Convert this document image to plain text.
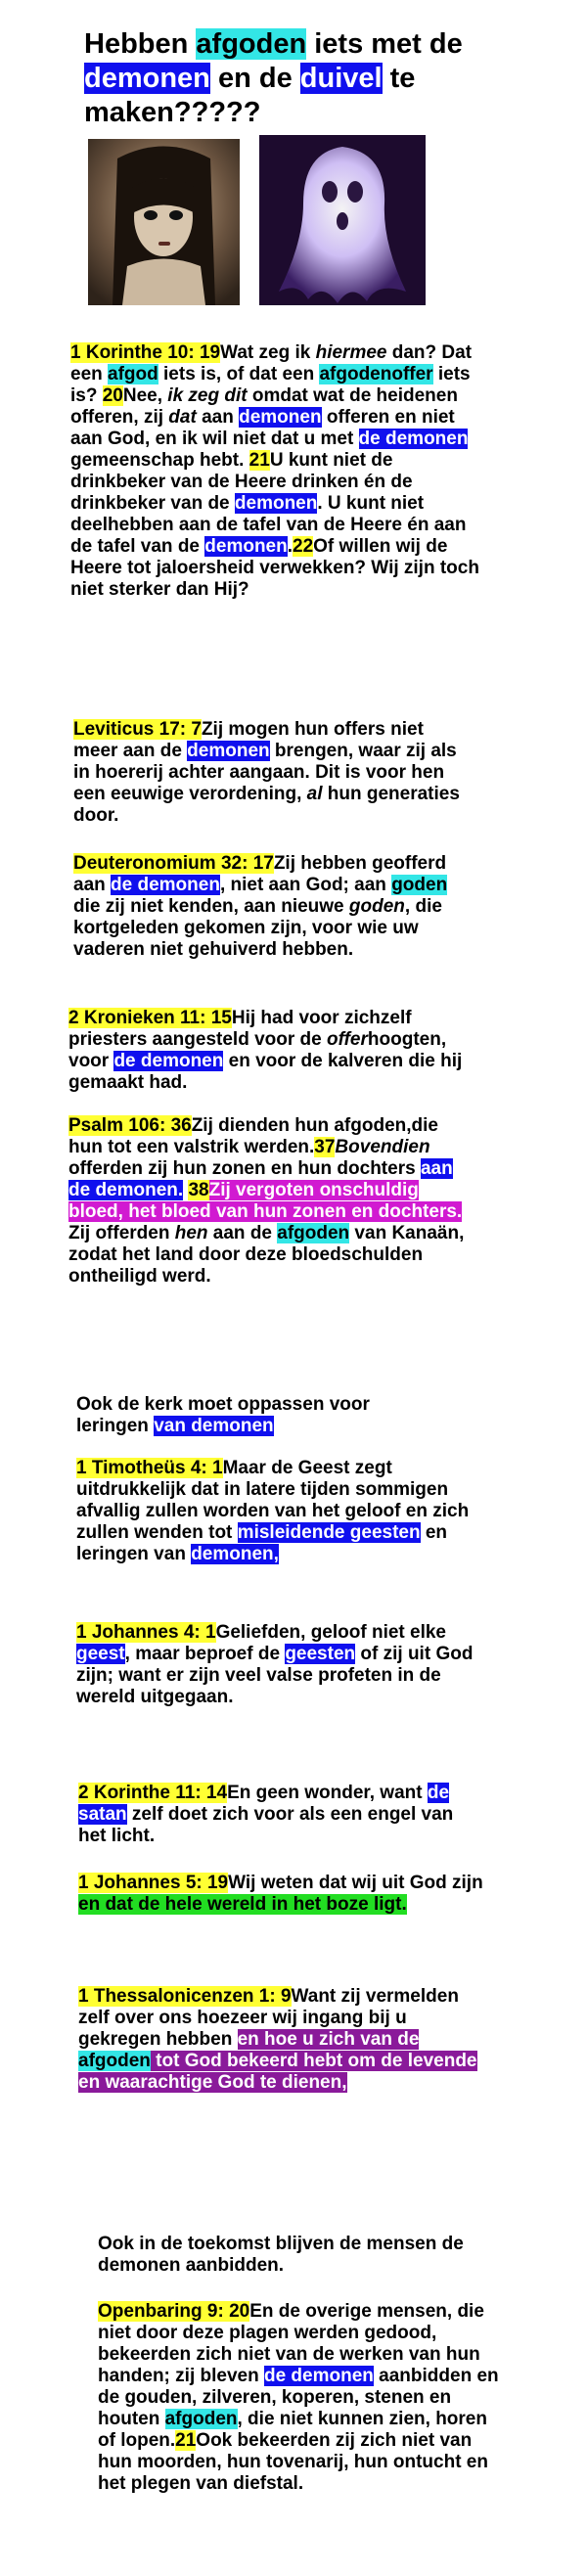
Hebben afgoden iets met de demonen en de duivel te maken?????

1 Korinthe 10: 19Wat zeg ik hiermee dan? Dat een afgod iets is, of dat een afgodenoffer iets is? 20Nee, ik zeg dit omdat wat de heidenen offeren, zij dat aan demonen offeren en niet aan God, en ik wil niet dat u met de demonen gemeenschap hebt. 21U kunt niet de drinkbeker van de Heere drinken én de drinkbeker van de demonen. U kunt niet deelhebben aan de tafel van de Heere én aan de tafel van de demonen.22Of willen wij de Heere tot jaloersheid verwekken? Wij zijn toch niet sterker dan Hij?

Leviticus 17: 7Zij mogen hun offers niet meer aan de demonen brengen, waar zij als in hoererij achter aangaan. Dit is voor hen een eeuwige verordening, al hun generaties door.

Deuteronomium 32: 17Zij hebben geofferd aan de demonen, niet aan God; aan goden die zij niet kenden, aan nieuwe goden, die kortgeleden gekomen zijn, voor wie uw vaderen niet gehuiverd hebben.

2 Kronieken 11: 15Hij had voor zichzelf priesters aangesteld voor de offerhoogten, voor de demonen en voor de kalveren die hij gemaakt had.

Psalm 106: 36Zij dienden hun afgoden,die hun tot een valstrik werden.37Bovendien offerden zij hun zonen en hun dochters aan de demonen. 38Zij vergoten onschuldig bloed, het bloed van hun zonen en dochters. Zij offerden hen aan de afgoden van Kanaän, zodat het land door deze bloedschulden ontheiligd werd.

Ook de kerk moet oppassen voor leringen van demonen

1 Timotheüs 4: 1Maar de Geest zegt uitdrukkelijk dat in latere tijden sommigen afvallig zullen worden van het geloof en zich zullen wenden tot misleidende geesten en leringen van demonen,

1 Johannes 4: 1Geliefden, geloof niet elke geest, maar beproef de geesten of zij uit God zijn; want er zijn veel valse profeten in de wereld uitgegaan.

2 Korinthe 11: 14En geen wonder, want de satan zelf doet zich voor als een engel van het licht.

1 Johannes 5: 19Wij weten dat wij uit God zijn en dat de hele wereld in het boze ligt.

1 Thessalonicenzen 1: 9Want zij vermelden zelf over ons hoezeer wij ingang bij u gekregen hebben en hoe u zich van de afgoden tot God bekeerd hebt om de levende en waarachtige God te dienen,

Ook in de toekomst blijven de mensen de demonen aanbidden.

Openbaring 9: 20En de overige mensen, die niet door deze plagen werden gedood, bekeerden zich niet van de werken van hun handen; zij bleven de demonen aanbidden en de gouden, zilveren, koperen, stenen en houten afgoden, die niet kunnen zien, horen of lopen.21Ook bekeerden zij zich niet van hun moorden, hun tovenarij, hun ontucht en het plegen van diefstal.
